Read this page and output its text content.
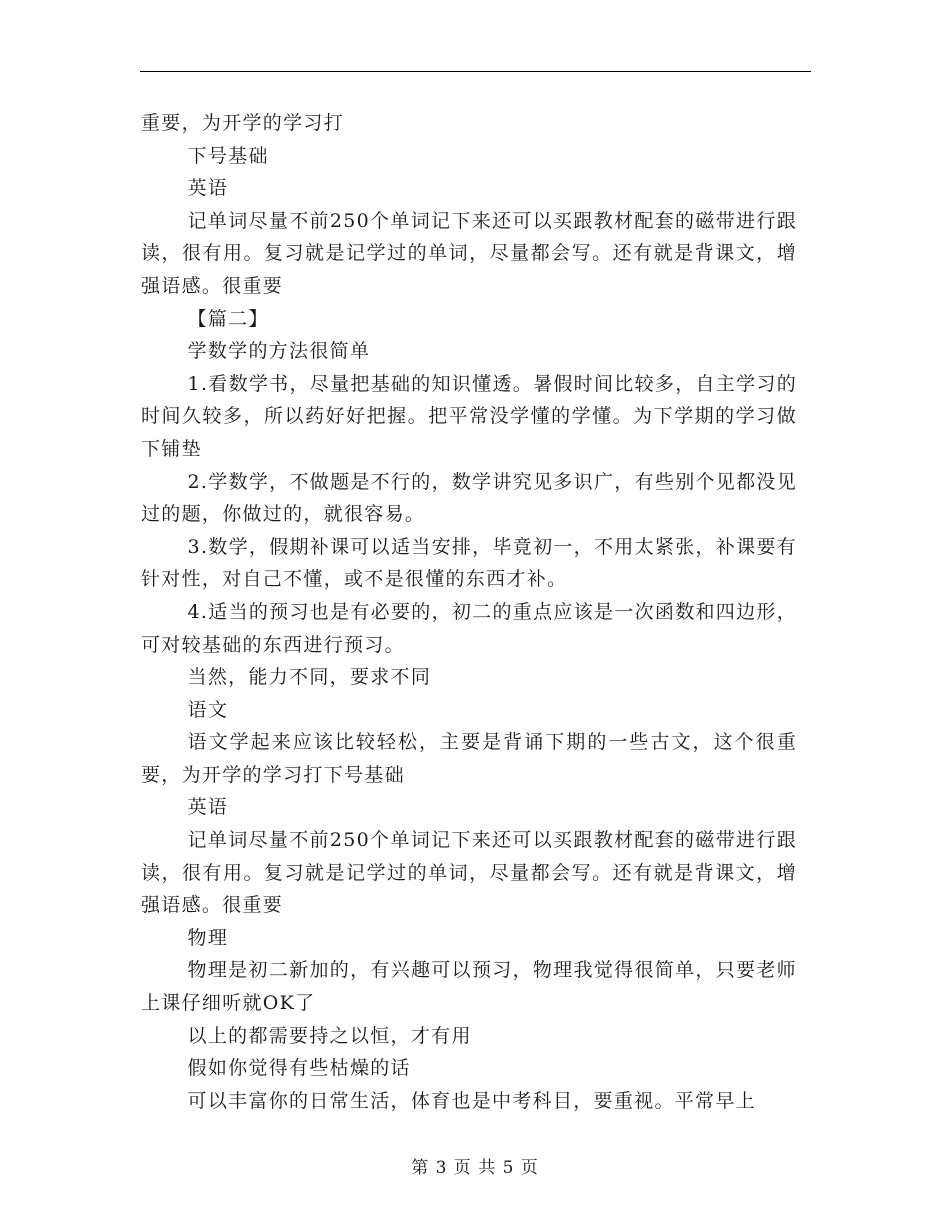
重要，为开学的学习打

下号基础

英语

记单词尽量不前250个单词记下来还可以买跟教材配套的磁带进行跟读，很有用。复习就是记学过的单词，尽量都会写。还有就是背课文，增强语感。很重要

【篇二】

学数学的方法很简单

1.看数学书，尽量把基础的知识懂透。暑假时间比较多，自主学习的时间久较多，所以药好好把握。把平常没学懂的学懂。为下学期的学习做下铺垫

2.学数学，不做题是不行的，数学讲究见多识广，有些别个见都没见过的题，你做过的，就很容易。

3.数学，假期补课可以适当安排，毕竟初一，不用太紧张，补课要有针对性，对自己不懂，或不是很懂的东西才补。

4.适当的预习也是有必要的，初二的重点应该是一次函数和四边形，可对较基础的东西进行预习。

当然，能力不同，要求不同

语文

语文学起来应该比较轻松，主要是背诵下期的一些古文，这个很重要，为开学的学习打下号基础

英语

记单词尽量不前250个单词记下来还可以买跟教材配套的磁带进行跟读，很有用。复习就是记学过的单词，尽量都会写。还有就是背课文，增强语感。很重要

物理

物理是初二新加的，有兴趣可以预习，物理我觉得很简单，只要老师上课仔细听就OK了

以上的都需要持之以恒，才有用

假如你觉得有些枯燥的话

可以丰富你的日常生活，体育也是中考科目，要重视。平常早上

第 3 页 共 5 页
